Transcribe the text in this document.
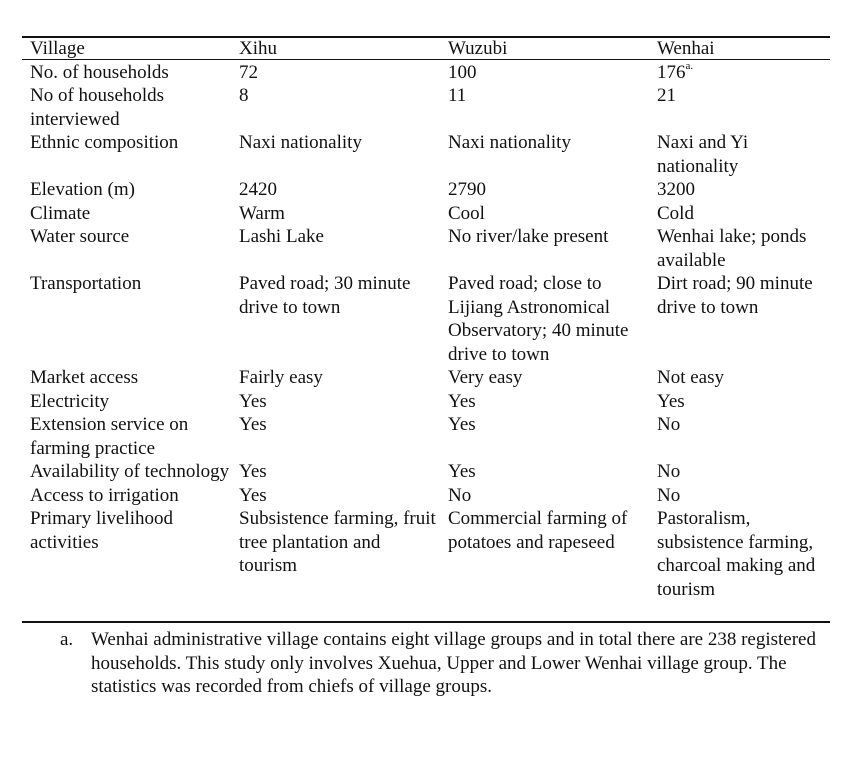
Village	Xihu	Wuzubi	Wenhai
No. of households	72	100	$176^{a.}$
No of households interviewed	8	11	21
Ethnic composition	Naxi nationality	Naxi nationality	Naxi and Yi nationality
Elevation (m)	2420	2790	3200
Climate	Warm	Cool	Cold
Water source	Lashi Lake	No river/lake present	Wenhai lake; ponds available
Transportation	Paved road; 30 minute drive to town	Paved road; close to Lijiang Astronomical Observatory; 40 minute drive to town	Dirt road; 90 minute drive to town
Market access	Fairly easy	Very easy	Not easy
Electricity	Yes	Yes	Yes
Extension service on farming practice	Yes	Yes	No
Availability of technology	Yes	Yes	No
Access to irrigation	Yes	No	No
Primary livelihood activities	Subsistence farming, fruit tree plantation and tourism	Commercial farming of potatoes and rapeseed	Pastoralism, subsistence farming, charcoal making and tourism
a. Wenhai administrative village contains eight village groups and in total there are 238 registered households. This study only involves Xuehua, Upper and Lower Wenhai village group. The statistics was recorded from chiefs of village groups.
